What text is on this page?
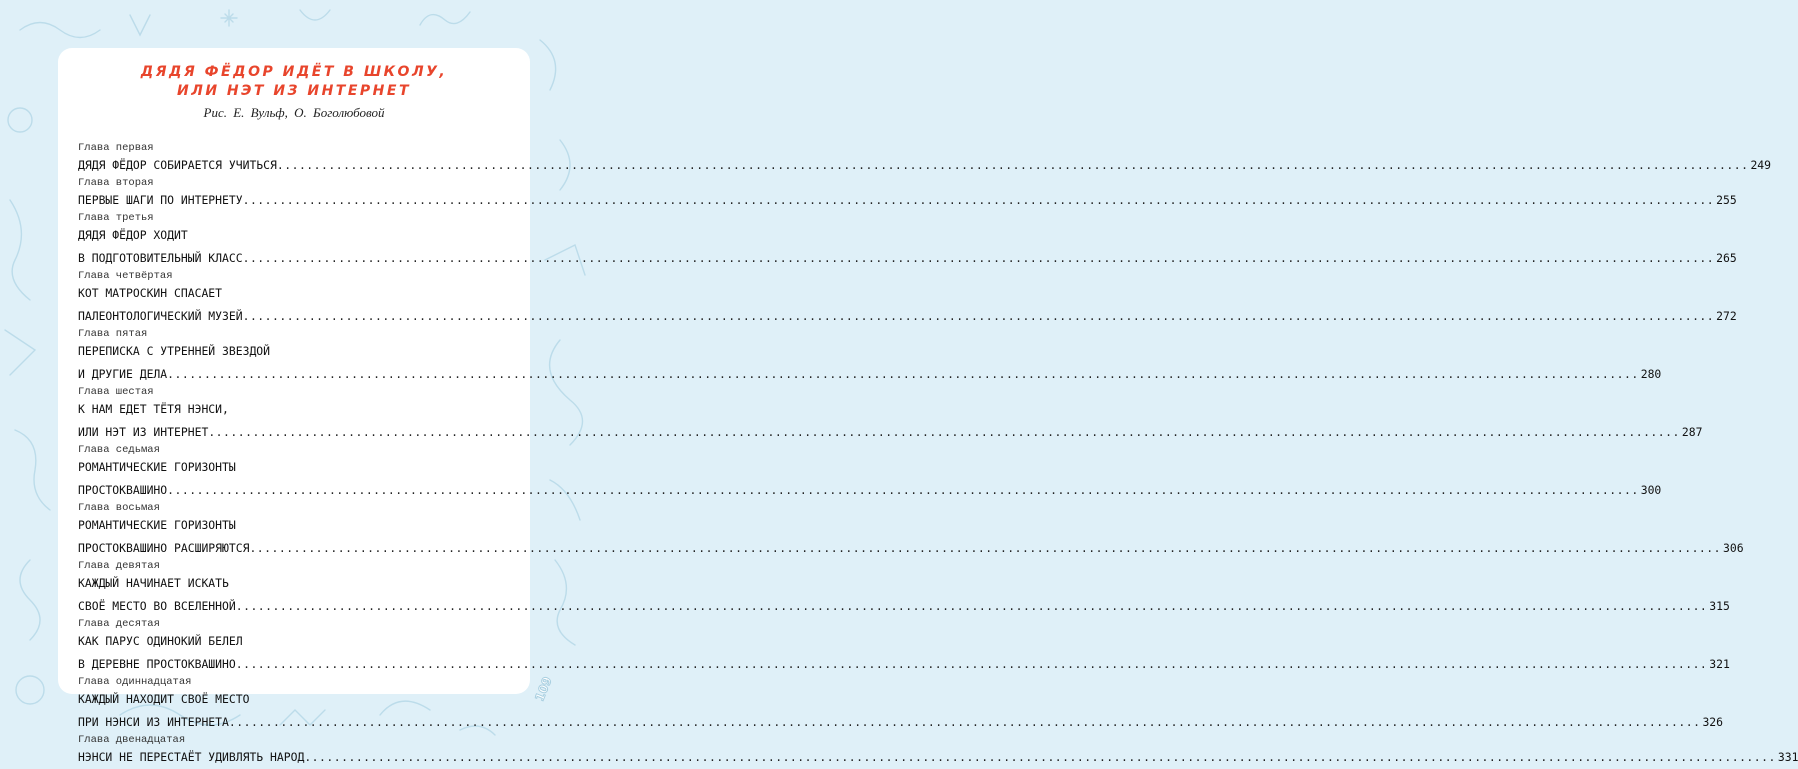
ДЯДЯ ФЁДОР ИДЁТ В ШКОЛУ,
ИЛИ НЭТ ИЗ ИНТЕРНЕТ
Рис. Е. Вульф, О. Боголюбовой
Глава первая
ДЯДЯ ФЁДОР СОБИРАЕТСЯ УЧИТЬСЯ ........................................................................................................................................................................................................ 249
Глава вторая
ПЕРВЫЕ ШАГИ ПО ИНТЕРНЕТУ ........................................................................................................................................................................................................ 255
Глава третья
ДЯДЯ ФЁДОР ХОДИТ
В ПОДГОТОВИТЕЛЬНЫЙ КЛАСС ........................................................................................................................................................................................................ 265
Глава четвёртая
КОТ МАТРОСКИН СПАСАЕТ
ПАЛЕОНТОЛОГИЧЕСКИЙ МУЗЕЙ ........................................................................................................................................................................................................ 272
Глава пятая
ПЕРЕПИСКА С УТРЕННЕЙ ЗВЕЗДОЙ
И ДРУГИЕ ДЕЛА ........................................................................................................................................................................................................ 280
Глава шестая
К НАМ ЕДЕТ ТЁТЯ НЭНСИ,
ИЛИ НЭТ ИЗ ИНТЕРНЕТ ........................................................................................................................................................................................................ 287
Глава седьмая
РОМАНТИЧЕСКИЕ ГОРИЗОНТЫ
ПРОСТОКВАШИНО ........................................................................................................................................................................................................ 300
Глава восьмая
РОМАНТИЧЕСКИЕ ГОРИЗОНТЫ
ПРОСТОКВАШИНО РАСШИРЯЮТСЯ ........................................................................................................................................................................................................ 306
Глава девятая
КАЖДЫЙ НАЧИНАЕТ ИСКАТЬ
СВОЁ МЕСТО ВО ВСЕЛЕННОЙ ........................................................................................................................................................................................................ 315
Глава десятая
КАК ПАРУС ОДИНОКИЙ БЕЛЕЛ
В ДЕРЕВНЕ ПРОСТОКВАШИНО ........................................................................................................................................................................................................ 321
Глава одиннадцатая
КАЖДЫЙ НАХОДИТ СВОЁ МЕСТО
ПРИ НЭНСИ ИЗ ИНТЕРНЕТА ........................................................................................................................................................................................................ 326
Глава двенадцатая
НЭНСИ НЕ ПЕРЕСТАЁТ УДИВЛЯТЬ НАРОД ........................................................................................................................................................................................................ 331
109
